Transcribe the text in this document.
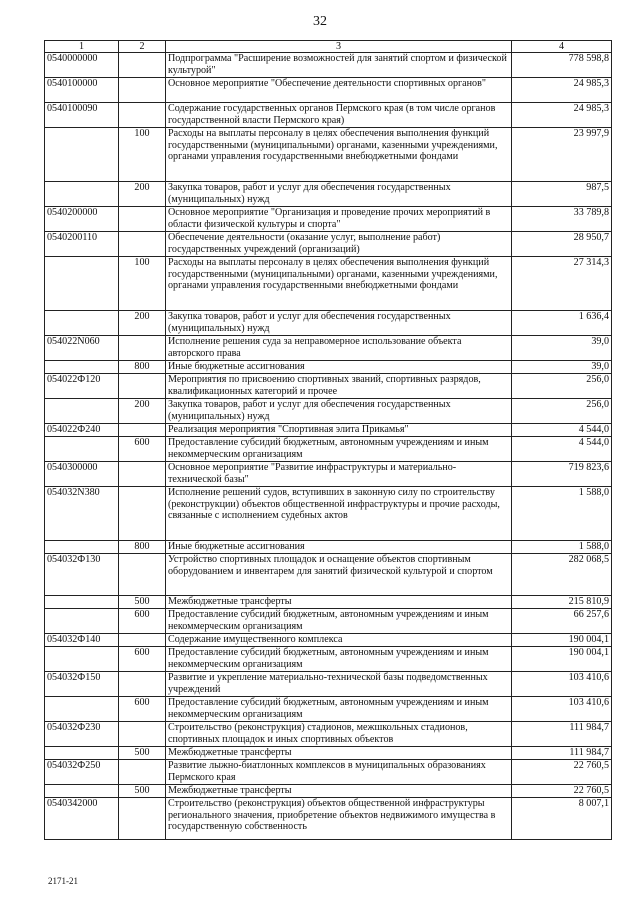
32
1	2	3	4
0540000000		Подпрограмма "Расширение возможностей для занятий спортом и физической культурой"	778 598,8
0540100000		Основное мероприятие "Обеспечение деятельности спортивных органов"	24 985,3
0540100090		Содержание государственных органов Пермского края (в том числе органов государственной власти Пермского края)	24 985,3
	100	Расходы на выплаты персоналу в целях обеспечения выполнения функций государственными (муниципальными) органами, казенными учреждениями, органами управления государственными внебюджетными фондами	23 997,9
	200	Закупка товаров, работ и услуг для обеспечения государственных (муниципальных) нужд	987,5
0540200000		Основное мероприятие "Организация и проведение прочих мероприятий в области физической культуры и спорта"	33 789,8
0540200110		Обеспечение деятельности (оказание услуг, выполнение работ) государственных учреждений (организаций)	28 950,7
	100	Расходы на выплаты персоналу в целях обеспечения выполнения функций государственными (муниципальными) органами, казенными учреждениями, органами управления государственными внебюджетными фондами	27 314,3
	200	Закупка товаров, работ и услуг для обеспечения государственных (муниципальных) нужд	1 636,4
054022N060		Исполнение решения суда за неправомерное использование объекта авторского права	39,0
	800	Иные бюджетные ассигнования	39,0
054022Ф120		Мероприятия по присвоению спортивных званий, спортивных разрядов, квалификационных категорий и прочее	256,0
	200	Закупка товаров, работ и услуг для обеспечения государственных (муниципальных) нужд	256,0
054022Ф240		Реализация мероприятия "Спортивная элита Прикамья"	4 544,0
	600	Предоставление субсидий бюджетным, автономным учреждениям и иным некоммерческим организациям	4 544,0
0540300000		Основное мероприятие "Развитие инфраструктуры и материально-технической базы"	719 823,6
054032N380		Исполнение решений судов, вступивших в законную силу по строительству (реконструкции) объектов общественной инфраструктуры и прочие расходы, связанные с исполнением судебных актов	1 588,0
	800	Иные бюджетные ассигнования	1 588,0
054032Ф130		Устройство спортивных площадок и оснащение объектов спортивным оборудованием и инвентарем для занятий физической культурой и спортом	282 068,5
	500	Межбюджетные трансферты	215 810,9
	600	Предоставление субсидий бюджетным, автономным учреждениям и иным некоммерческим организациям	66 257,6
054032Ф140		Содержание имущественного комплекса	190 004,1
	600	Предоставление субсидий бюджетным, автономным учреждениям и иным некоммерческим организациям	190 004,1
054032Ф150		Развитие и укрепление материально-технической базы подведомственных учреждений	103 410,6
	600	Предоставление субсидий бюджетным, автономным учреждениям и иным некоммерческим организациям	103 410,6
054032Ф230		Строительство (реконструкция) стадионов, межшкольных стадионов, спортивных площадок и иных спортивных объектов	111 984,7
	500	Межбюджетные трансферты	111 984,7
054032Ф250		Развитие лыжно-биатлонных комплексов в муниципальных образованиях Пермского края	22 760,5
	500	Межбюджетные трансферты	22 760,5
0540342000		Строительство (реконструкция) объектов общественной инфраструктуры регионального значения, приобретение объектов недвижимого имущества в государственную собственность	8 007,1
2171-21
